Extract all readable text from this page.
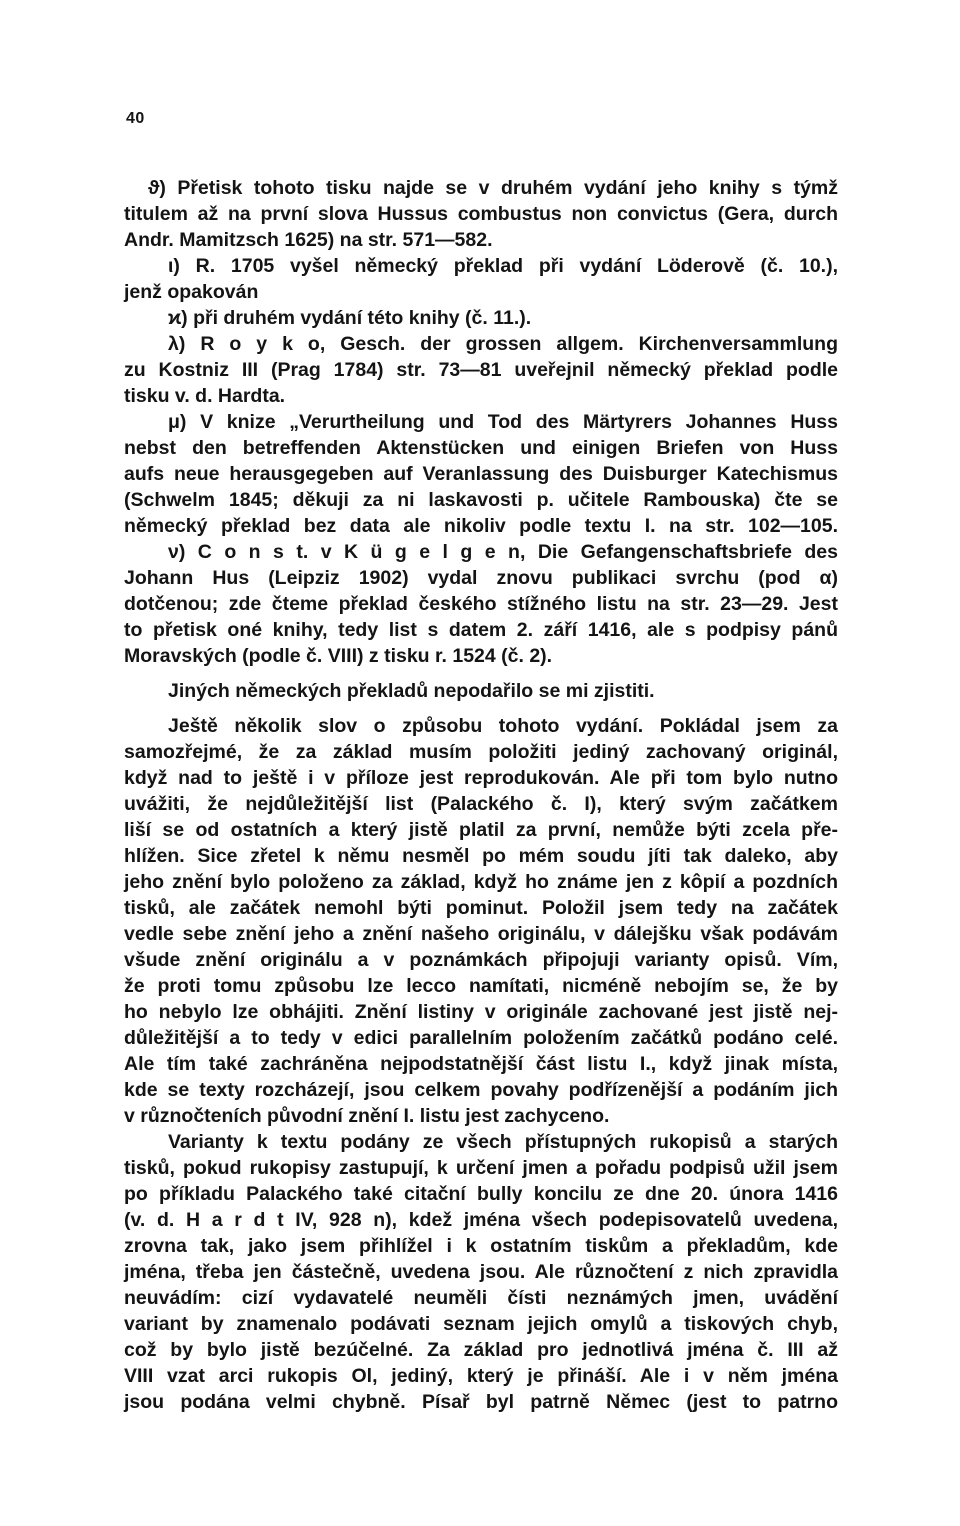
40
ϑ) Přetisk tohoto tisku najde se v druhém vydání jeho knihy s týmž
titulem až na první slova Hussus combustus non convictus (Gera, durch
Andr. Mamitzsch 1625) na str. 571—582.
ι) R. 1705 vyšel německý překlad při vydání Löderově (č. 10.),
jenž opakován
ϰ) při druhém vydání této knihy (č. 11.).
λ) R o y k o, Gesch. der grossen allgem. Kirchenversammlung
zu Kostniz III (Prag 1784) str. 73—81 uveřejnil německý překlad podle
tisku v. d. Hardta.
μ) V knize „Verurtheilung und Tod des Märtyrers Johannes Huss
nebst den betreffenden Aktenstücken und einigen Briefen von Huss
aufs neue herausgegeben auf Veranlassung des Duisburger Katechismus
(Schwelm 1845; děkuji za ni laskavosti p. učitele Rambouska) čte se
německý překlad bez data ale nikoliv podle textu I. na str. 102—105.
ν) C o n s t. v K ü g e l g e n, Die Gefangenschaftsbriefe des
Johann Hus (Leipziz 1902) vydal znovu publikaci svrchu (pod α)
dotčenou; zde čteme překlad českého stížného listu na str. 23—29. Jest
to přetisk oné knihy, tedy list s datem 2. září 1416, ale s podpisy pánů
Moravských (podle č. VIII) z tisku r. 1524 (č. 2).
Jiných německých překladů nepodařilo se mi zjistiti.
Ještě několik slov o způsobu tohoto vydání. Pokládal jsem za
samozřejmé, že za základ musím položiti jediný zachovaný originál,
když nad to ještě i v příloze jest reprodukován. Ale při tom bylo nutno
uvážiti, že nejdůležitější list (Palackého č. I), který svým začátkem
liší se od ostatních a který jistě platil za první, nemůže býti zcela pře-
hlížen. Sice zřetel k němu nesměl po mém soudu jíti tak daleko, aby
jeho znění bylo položeno za základ, když ho známe jen z kôpií a pozdních
tisků, ale začátek nemohl býti pominut. Položil jsem tedy na začátek
vedle sebe znění jeho a znění našeho originálu, v dálejšku však podávám
všude znění originálu a v poznámkách připojuji varianty opisů. Vím,
že proti tomu způsobu lze lecco namítati, nicméně nebojím se, že by
ho nebylo lze obhájiti. Znění listiny v originále zachované jest jistě nej-
důležitější a to tedy v edici parallelním položením začátků podáno celé.
Ale tím také zachráněna nejpodstatnější část listu I., když jinak místa,
kde se texty rozcházejí, jsou celkem povahy podřízenější a podáním jich
v různočteních původní znění I. listu jest zachyceno.
Varianty k textu podány ze všech přístupných rukopisů a starých
tisků, pokud rukopisy zastupují, k určení jmen a pořadu podpisů užil jsem
po příkladu Palackého také citační bully koncilu ze dne 20. února 1416
(v. d. H a r d t IV, 928 n), kdež jména všech podepisovatelů uvedena,
zrovna tak, jako jsem přihlížel i k ostatním tiskům a překladům, kde
jména, třeba jen částečně, uvedena jsou. Ale různočtení z nich zpravidla
neuvádím: cizí vydavatelé neuměli čísti neznámých jmen, uvádění
variant by znamenalo podávati seznam jejich omylů a tiskových chyb,
což by bylo jistě bezúčelné. Za základ pro jednotlivá jména č. III až
VIII vzat arci rukopis Ol, jediný, který je přináší. Ale i v něm jména
jsou podána velmi chybně. Písař byl patrně Němec (jest to patrno
